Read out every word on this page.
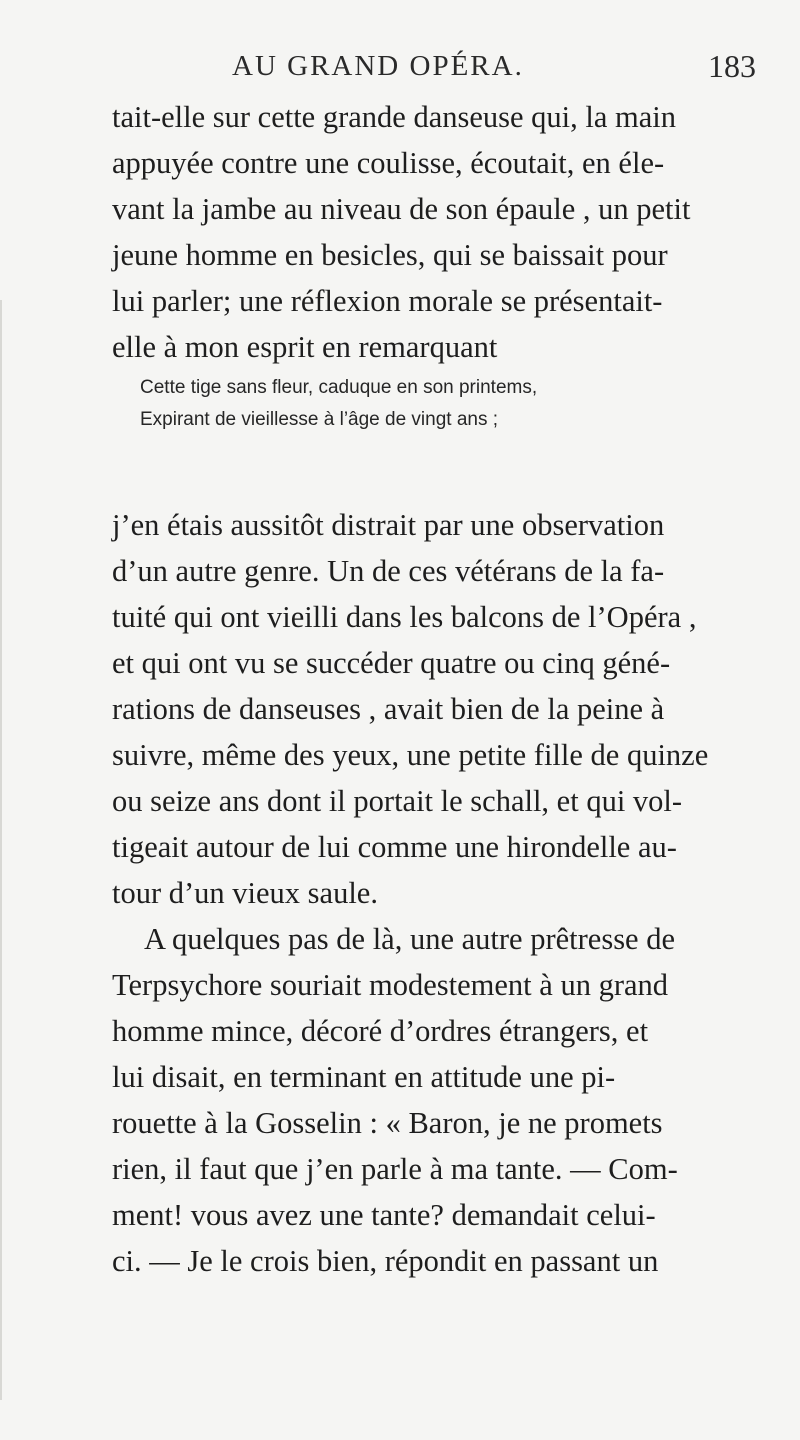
AU GRAND OPÉRA.	183
tait-elle sur cette grande danseuse qui, la main
appuyée contre une coulisse, écoutait, en éle-
vant la jambe au niveau de son épaule , un petit
jeune homme en besicles, qui se baissait pour
lui parler; une réflexion morale se présentait-
elle à mon esprit en remarquant
Cette tige sans fleur, caduque en son printems,
Expirant de vieillesse à l’âge de vingt ans ;
j’en étais aussitôt distrait par une observation
d’un autre genre. Un de ces vétérans de la fa-
tuité qui ont vieilli dans les balcons de l’Opéra ,
et qui ont vu se succéder quatre ou cinq géné-
rations de danseuses , avait bien de la peine à
suivre, même des yeux, une petite fille de quinze
ou seize ans dont il portait le schall, et qui vol-
tigeait autour de lui comme une hirondelle au-
tour d’un vieux saule.
A quelques pas de là, une autre prêtresse de
Terpsychore souriait modestement à un grand
homme mince, décoré d’ordres étrangers, et
lui disait, en terminant en attitude une pi-
rouette à la Gosselin : « Baron, je ne promets
rien, il faut que j’en parle à ma tante. — Com-
ment! vous avez une tante? demandait celui-
ci. — Je le crois bien, répondit en passant un
